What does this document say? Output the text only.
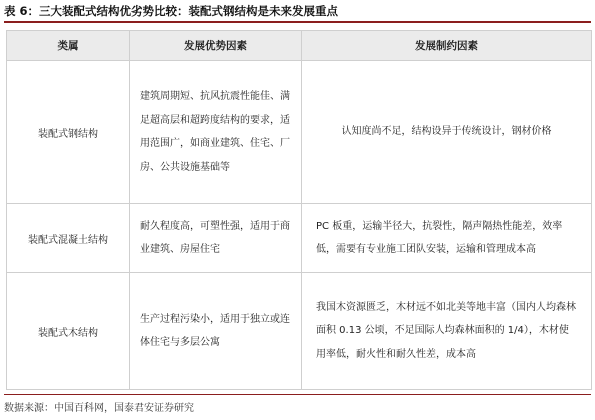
表 6：三大装配式结构优劣势比较：装配式钢结构是未来发展重点
类属	发展优势因素	发展制约因素
装配式钢结构	建筑周期短、抗风抗震性能佳、满足超高层和超跨度结构的要求，适用范围广，如商业建筑、住宅、厂房、公共设施基础等	认知度尚不足，结构设异于传统设计，钢材价格

装配式混凝土结构	耐久程度高，可塑性强，适用于商业建筑、房屋住宅	PC 板重，运输半径大，抗裂性，隔声隔热性能差，效率低，需要有专业施工团队安装，运输和管理成本高

装配式木结构	生产过程污染小，适用于独立或连体住宅与多层公寓	我国木资源匮乏，木材远不如北美等地丰富（国内人均森林面积 0.13 公顷，不足国际人均森林面积的 1/4），木材使用率低，耐火性和耐久性差，成本高
数据来源：中国百科网，国泰君安证券研究
